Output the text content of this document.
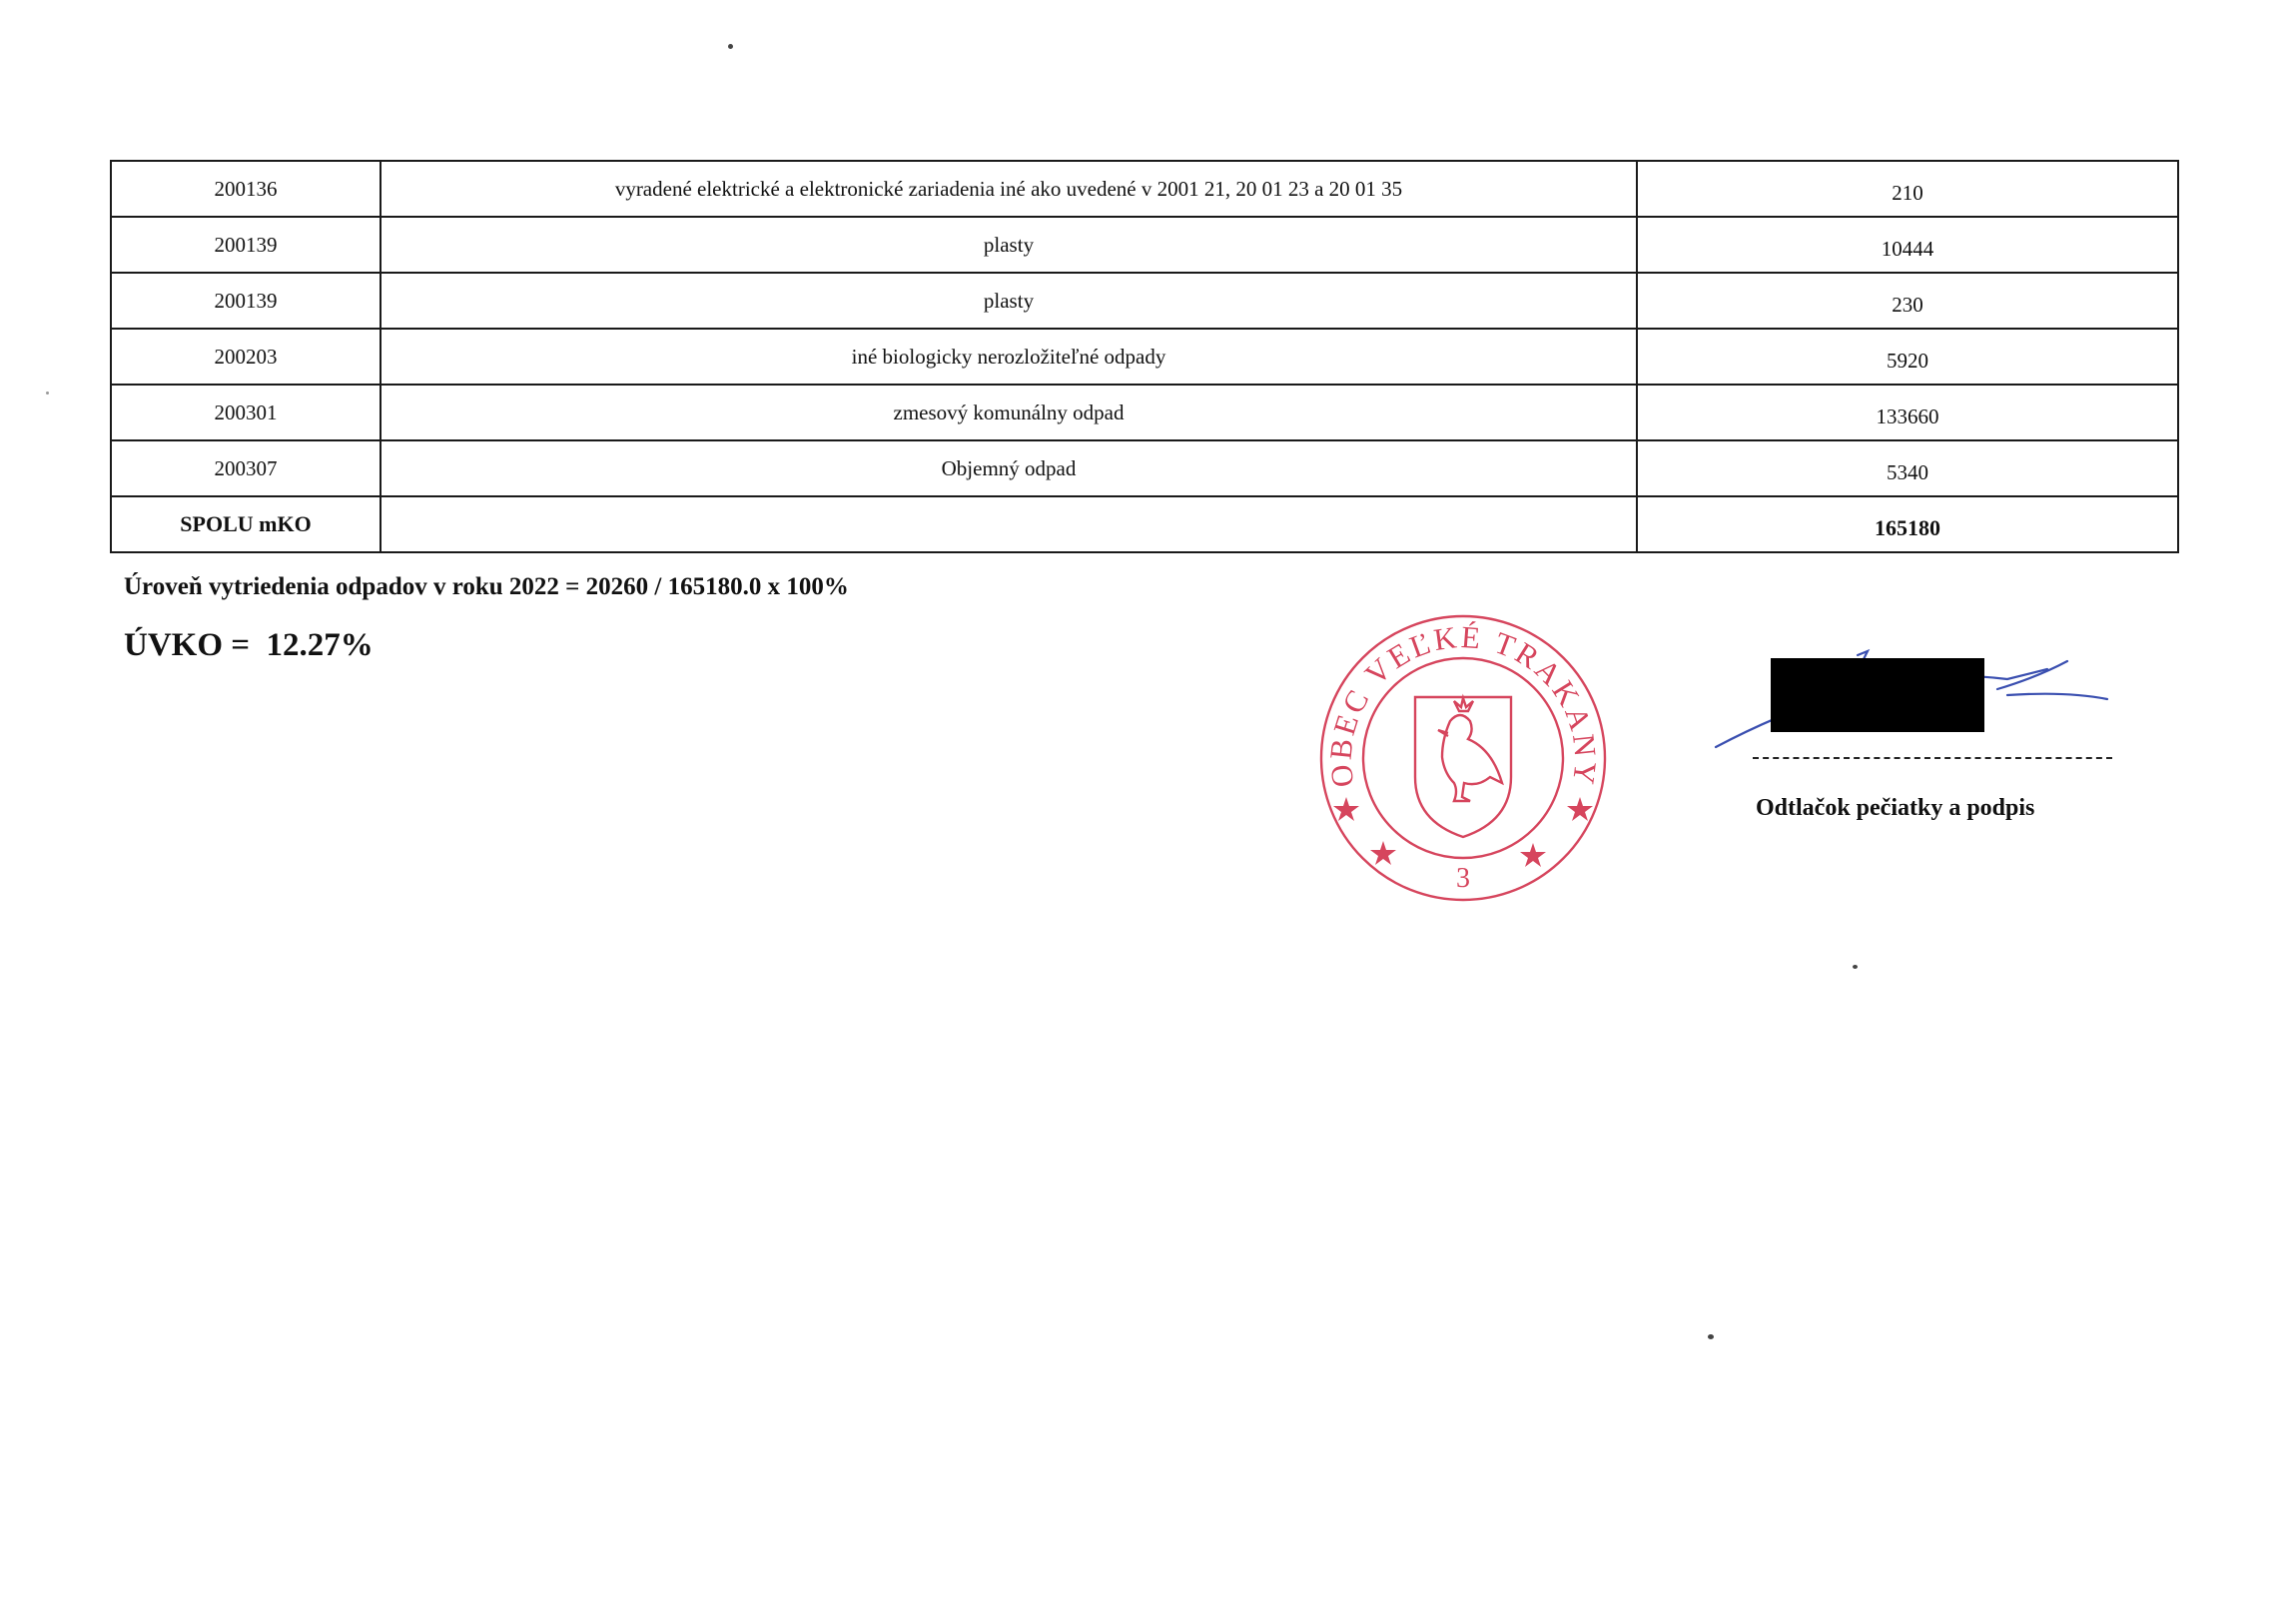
200136	vyradené elektrické a elektronické zariadenia iné ako uvedené v 2001 21, 20 01 23 a 20 01 35	210
200139	plasty	10444
200139	plasty	230
200203	iné biologicky nerozložiteľné odpady	5920
200301	zmesový komunálny odpad	133660
200307	Objemný odpad	5340
SPOLU mKO		165180
Úroveň vytriedenia odpadov v roku 2022 = 20260 / 165180.0 x 100%
ÚVKO =  12.27%
OBEC VEĽKÉ TRAKANY
3
Odtlačok pečiatky a podpis
